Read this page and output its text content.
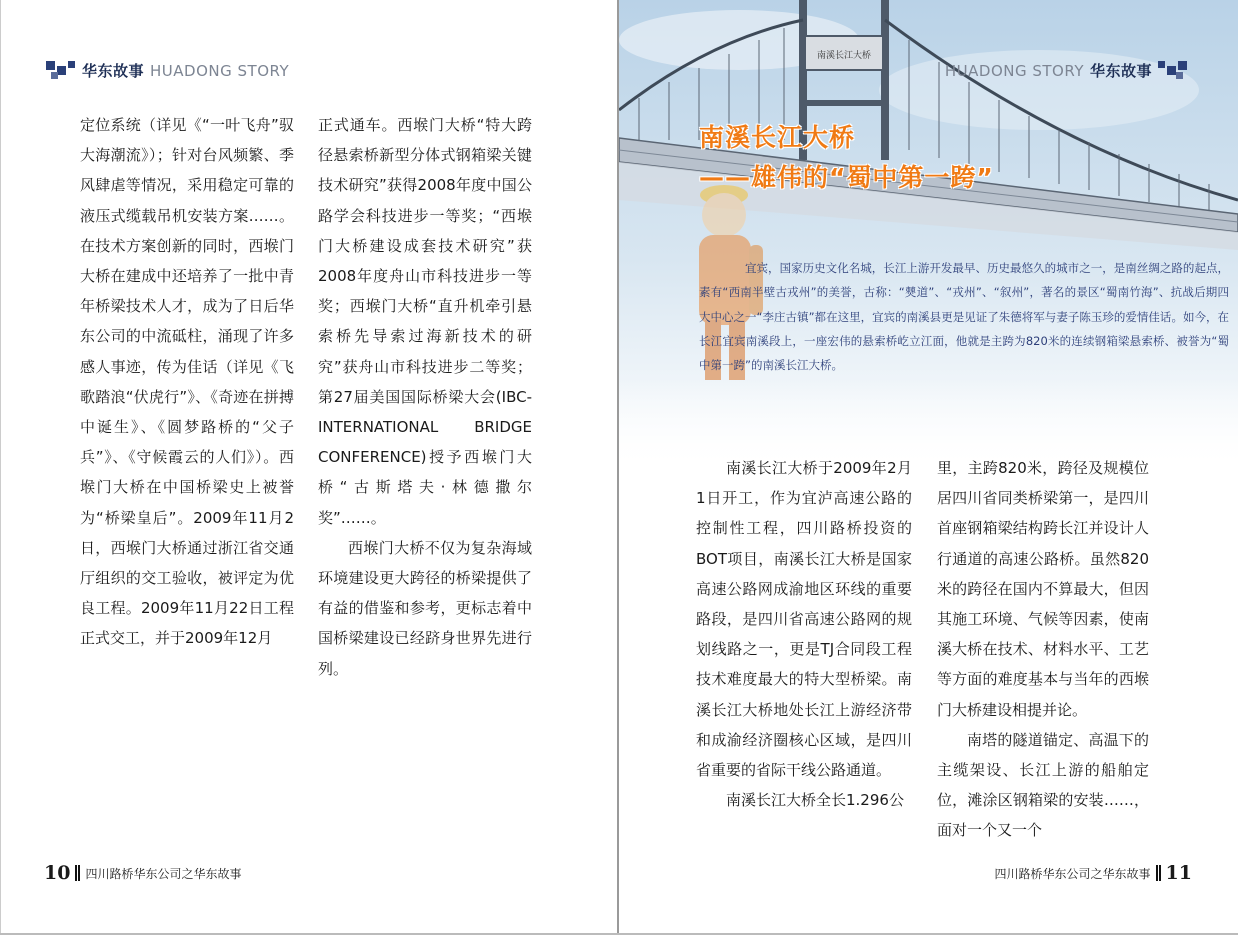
华东故事 HUADONG STORY

定位系统（详见《“一叶飞舟”驭大海潮流》）；针对台风频繁、季风肆虐等情况，采用稳定可靠的液压式缆载吊机安装方案……。在技术方案创新的同时，西堠门大桥在建成中还培养了一批中青年桥梁技术人才，成为了日后华东公司的中流砥柱，涌现了许多感人事迹，传为佳话（详见《飞歌踏浪“伏虎行”》、《奇迹在拼搏中诞生》、《圆梦路桥的“父子兵”》、《守候霞云的人们》）。西堠门大桥在中国桥梁史上被誉为“桥梁皇后”。2009年11月2日，西堠门大桥通过浙江省交通厅组织的交工验收，被评定为优良工程。2009年11月22日工程正式交工，并于2009年12月

正式通车。西堠门大桥“特大跨径悬索桥新型分体式钢箱梁关键技术研究”获得2008年度中国公路学会科技进步一等奖；“西堠门大桥建设成套技术研究”获2008年度舟山市科技进步一等奖；西堠门大桥“直升机牵引悬索桥先导索过海新技术的研究”获舟山市科技进步二等奖；第27届美国国际桥梁大会(IBC-INTERNATIONAL BRIDGE CONFERENCE)授予西堠门大桥“古斯塔夫·林德撒尔奖”……。

西堠门大桥不仅为复杂海域环境建设更大跨径的桥梁提供了有益的借鉴和参考，更标志着中国桥梁建设已经跻身世界先进行列。

10 四川路桥华东公司之华东故事
南溪长江大桥
HUADONG STORY 华东故事
南溪长江大桥
——雄伟的“蜀中第一跨”

宜宾，国家历史文化名城，长江上游开发最早、历史最悠久的城市之一，是南丝绸之路的起点，素有“西南半壁古戎州”的美誉，古称：“僰道”、“戎州”、“叙州”，著名的景区“蜀南竹海”、抗战后期四大中心之一“李庄古镇”都在这里，宜宾的南溪县更是见证了朱德将军与妻子陈玉珍的爱情佳话。如今，在长江宜宾南溪段上，一座宏伟的悬索桥屹立江面，他就是主跨为820米的连续钢箱梁悬索桥、被誉为“蜀中第一跨”的南溪长江大桥。

南溪长江大桥于2009年2月1日开工，作为宜泸高速公路的控制性工程，四川路桥投资的BOT项目，南溪长江大桥是国家高速公路网成渝地区环线的重要路段，是四川省高速公路网的规划线路之一，更是TJ合同段工程技术难度最大的特大型桥梁。南溪长江大桥地处长江上游经济带和成渝经济圈核心区域，是四川省重要的省际干线公路通道。

南溪长江大桥全长1.296公

里，主跨820米，跨径及规模位居四川省同类桥梁第一，是四川首座钢箱梁结构跨长江并设计人行通道的高速公路桥。虽然820米的跨径在国内不算最大，但因其施工环境、气候等因素，使南溪大桥在技术、材料水平、工艺等方面的难度基本与当年的西堠门大桥建设相提并论。

南塔的隧道锚定、高温下的主缆架设、长江上游的船舶定位，滩涂区钢箱梁的安装……，面对一个又一个

四川路桥华东公司之华东故事 11
